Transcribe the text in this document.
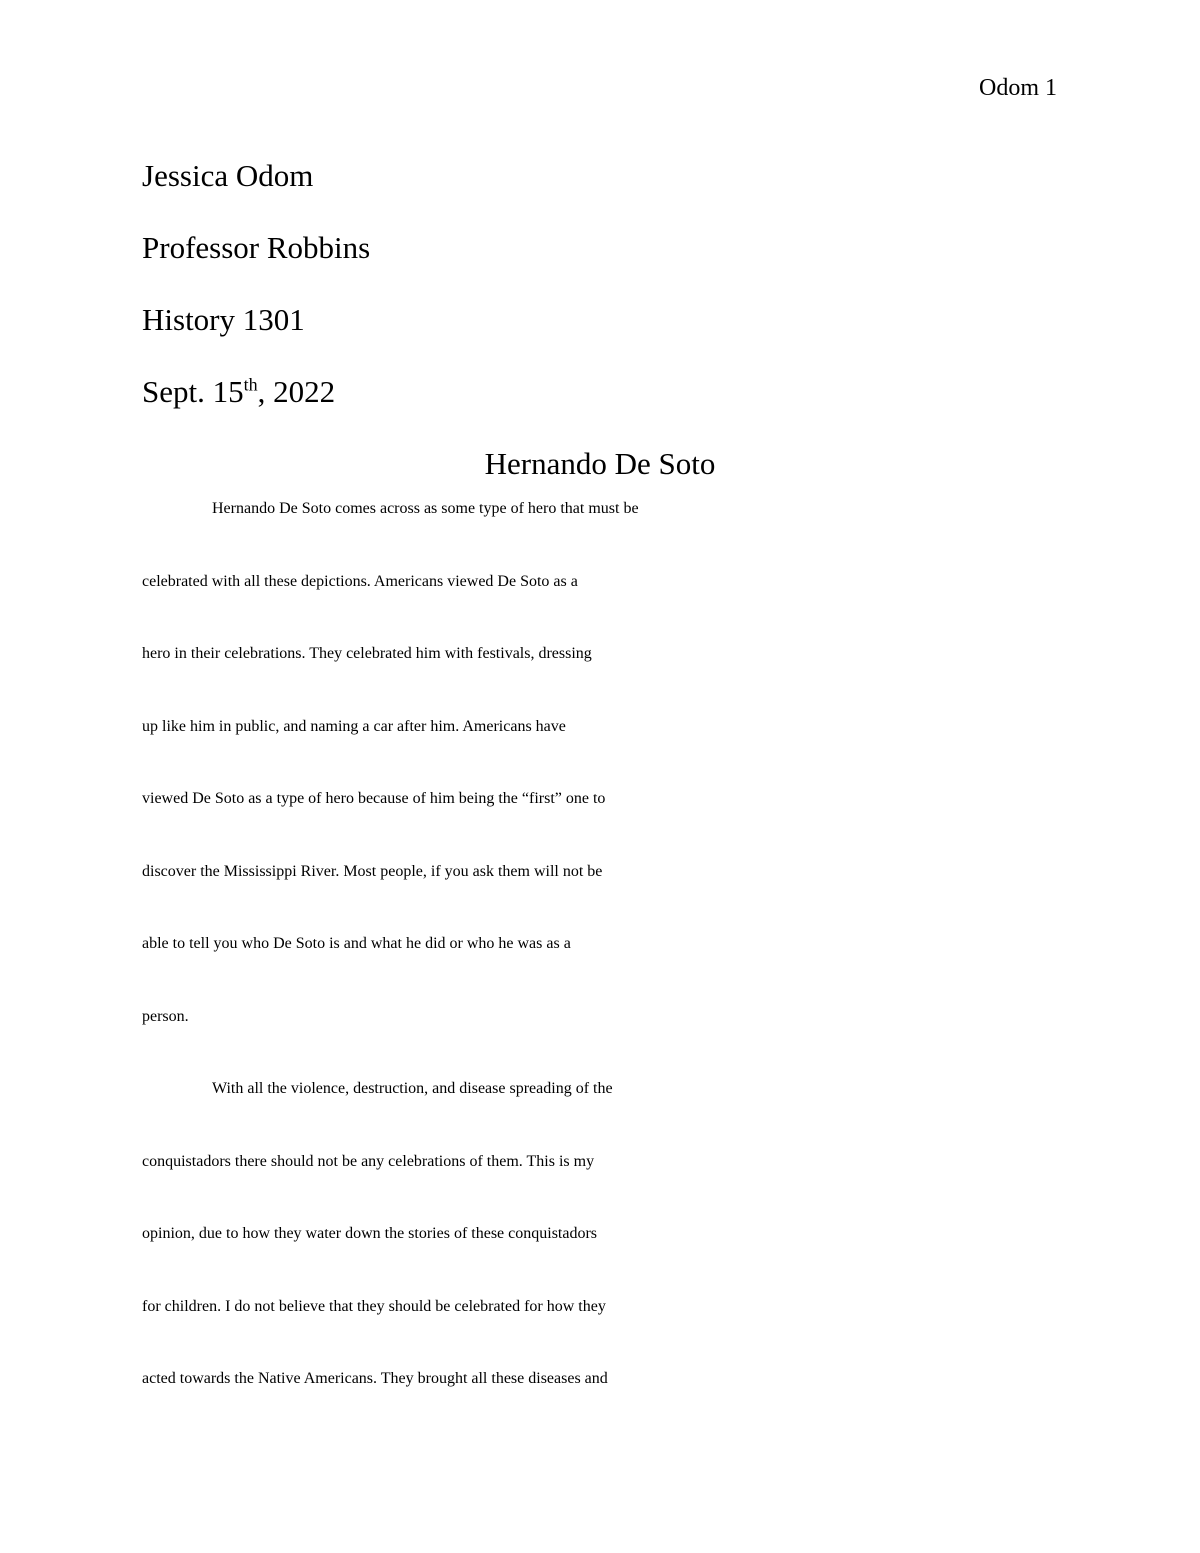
Odom 1
Jessica Odom
Professor Robbins
History 1301
Sept. 15th, 2022
Hernando De Soto
Hernando De Soto comes across as some type of hero that must be
celebrated with all these depictions. Americans viewed De Soto as a
hero in their celebrations. They celebrated him with festivals, dressing
up like him in public, and naming a car after him. Americans have
viewed De Soto as a type of hero because of him being the “first” one to
discover the Mississippi River. Most people, if you ask them will not be
able to tell you who De Soto is and what he did or who he was as a
person.
With all the violence, destruction, and disease spreading of the
conquistadors there should not be any celebrations of them. This is my
opinion, due to how they water down the stories of these conquistadors
for children. I do not believe that they should be celebrated for how they
acted towards the Native Americans. They brought all these diseases and
